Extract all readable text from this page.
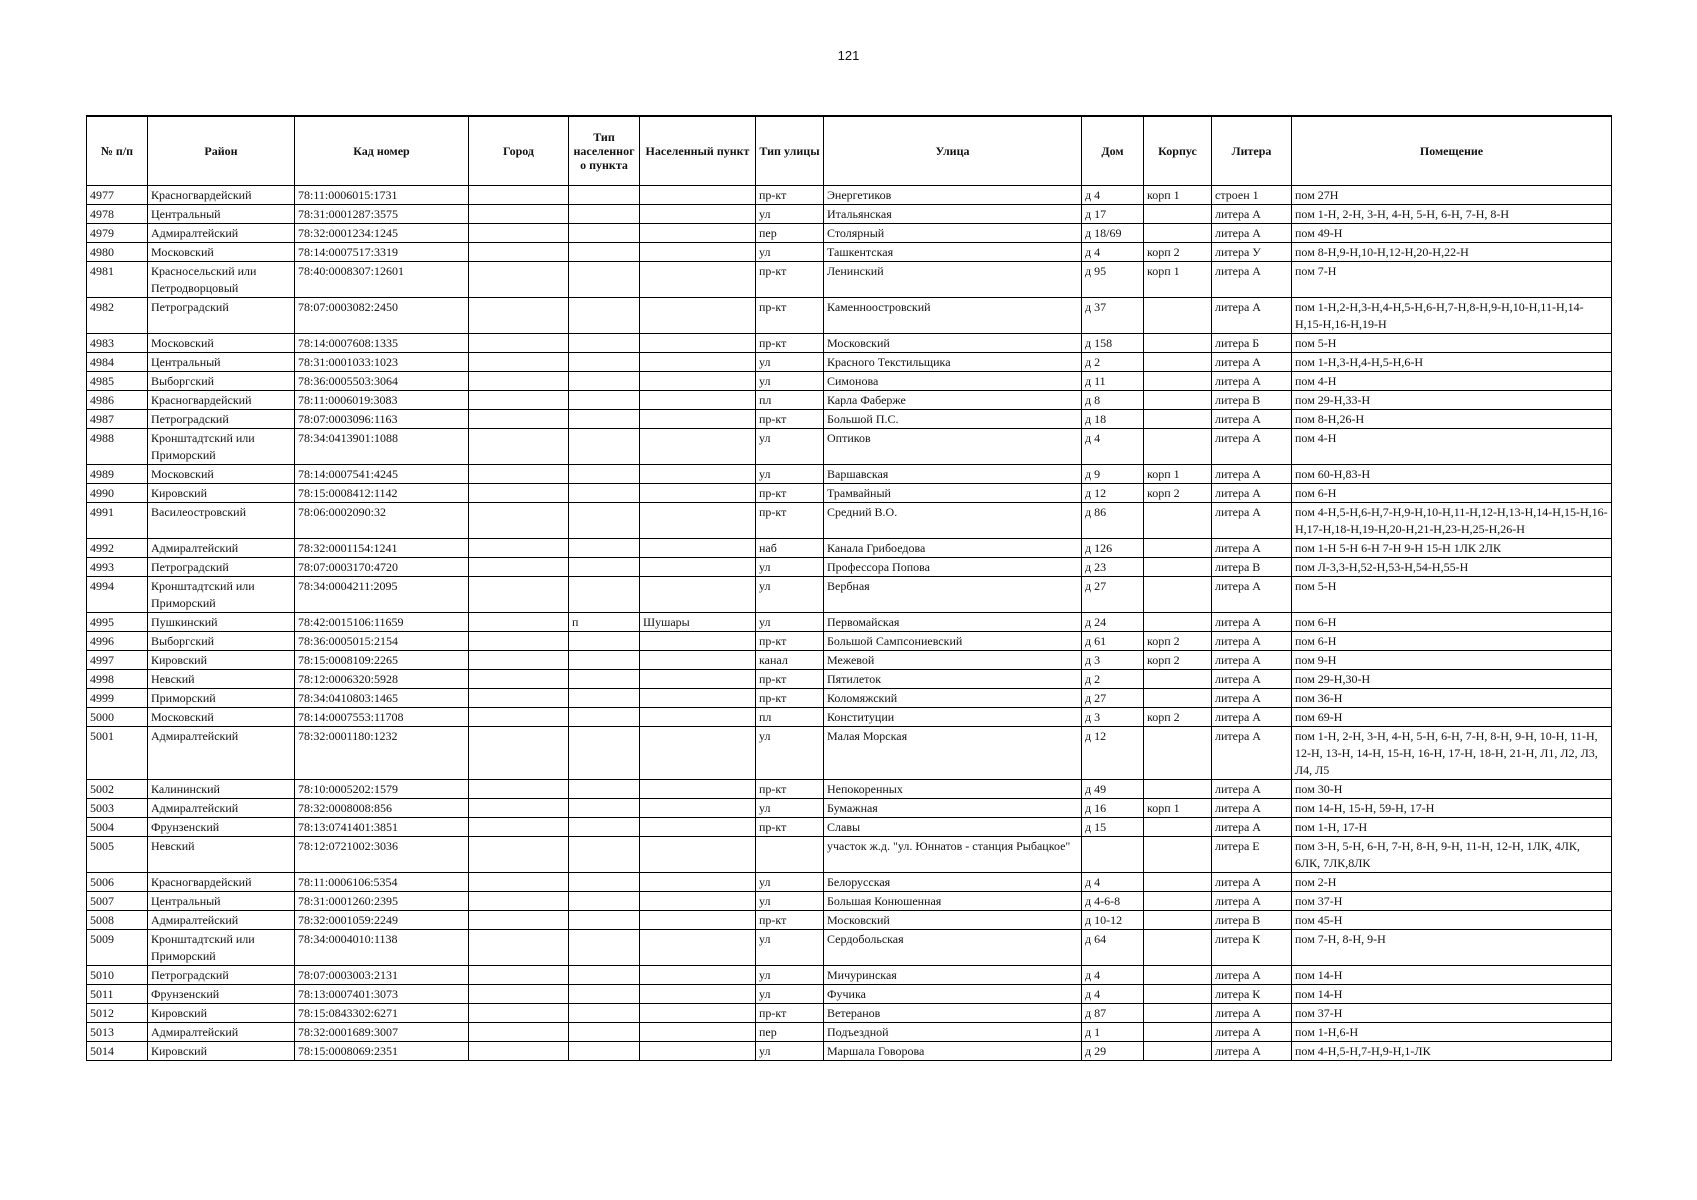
121
№ п/п	Район	Кад номер	Город	Тип населенного пункта	Населенный пункт	Тип улицы	Улица	Дом	Корпус	Литера	Помещение
4977	Красногвардейский	78:11:0006015:1731				пр-кт	Энергетиков	д 4	корп 1	строен 1	пом 27Н
4978	Центральный	78:31:0001287:3575				ул	Итальянская	д 17		литера А	пом 1-Н, 2-Н, 3-Н, 4-Н, 5-Н, 6-Н, 7-Н, 8-Н
4979	Адмиралтейский	78:32:0001234:1245				пер	Столярный	д 18/69		литера А	пом 49-Н
4980	Московский	78:14:0007517:3319				ул	Ташкентская	д 4	корп 2	литера У	пом 8-Н,9-Н,10-Н,12-Н,20-Н,22-Н
4981	Красносельский или Петродворцовый	78:40:0008307:12601				пр-кт	Ленинский	д 95	корп 1	литера А	пом 7-Н
4982	Петроградский	78:07:0003082:2450				пр-кт	Каменноостровский	д 37		литера А	пом 1-Н,2-Н,3-Н,4-Н,5-Н,6-Н,7-Н,8-Н,9-Н,10-Н,11-Н,14-Н,15-Н,16-Н,19-Н
4983	Московский	78:14:0007608:1335				пр-кт	Московский	д 158		литера Б	пом 5-Н
4984	Центральный	78:31:0001033:1023				ул	Красного Текстильщика	д 2		литера А	пом 1-Н,3-Н,4-Н,5-Н,6-Н
4985	Выборгский	78:36:0005503:3064				ул	Симонова	д 11		литера А	пом 4-Н
4986	Красногвардейский	78:11:0006019:3083				пл	Карла Фаберже	д 8		литера В	пом 29-Н,33-Н
4987	Петроградский	78:07:0003096:1163				пр-кт	Большой П.С.	д 18		литера А	пом 8-Н,26-Н
4988	Кронштадтский или Приморский	78:34:0413901:1088				ул	Оптиков	д 4		литера А	пом 4-Н
4989	Московский	78:14:0007541:4245				ул	Варшавская	д 9	корп 1	литера А	пом 60-Н,83-Н
4990	Кировский	78:15:0008412:1142				пр-кт	Трамвайный	д 12	корп 2	литера А	пом 6-Н
4991	Василеостровский	78:06:0002090:32				пр-кт	Средний В.О.	д 86		литера А	пом 4-Н,5-Н,6-Н,7-Н,9-Н,10-Н,11-Н,12-Н,13-Н,14-Н,15-Н,16-Н,17-Н,18-Н,19-Н,20-Н,21-Н,23-Н,25-Н,26-Н
4992	Адмиралтейский	78:32:0001154:1241				наб	Канала Грибоедова	д 126		литера А	пом 1-Н 5-Н 6-Н 7-Н 9-Н 15-Н 1ЛК 2ЛК
4993	Петроградский	78:07:0003170:4720				ул	Профессора Попова	д 23		литера В	пом Л-3,3-Н,52-Н,53-Н,54-Н,55-Н
4994	Кронштадтский или Приморский	78:34:0004211:2095				ул	Вербная	д 27		литера А	пом 5-Н
4995	Пушкинский	78:42:0015106:11659		п	Шушары	ул	Первомайская	д 24		литера А	пом 6-Н
4996	Выборгский	78:36:0005015:2154				пр-кт	Большой Сампсониевский	д 61	корп 2	литера А	пом 6-Н
4997	Кировский	78:15:0008109:2265				канал	Межевой	д 3	корп 2	литера А	пом 9-Н
4998	Невский	78:12:0006320:5928				пр-кт	Пятилеток	д 2		литера А	пом 29-Н,30-Н
4999	Приморский	78:34:0410803:1465				пр-кт	Коломяжский	д 27		литера А	пом 36-Н
5000	Московский	78:14:0007553:11708				пл	Конституции	д 3	корп 2	литера А	пом 69-Н
5001	Адмиралтейский	78:32:0001180:1232				ул	Малая Морская	д 12		литера А	пом 1-Н, 2-Н, 3-Н, 4-Н, 5-Н, 6-Н, 7-Н, 8-Н, 9-Н, 10-Н, 11-Н, 12-Н, 13-Н, 14-Н, 15-Н, 16-Н, 17-Н, 18-Н, 21-Н, Л1, Л2, Л3, Л4, Л5
5002	Калининский	78:10:0005202:1579				пр-кт	Непокоренных	д 49		литера А	пом 30-Н
5003	Адмиралтейский	78:32:0008008:856				ул	Бумажная	д 16	корп 1	литера А	пом 14-Н, 15-Н, 59-Н, 17-Н
5004	Фрунзенский	78:13:0741401:3851				пр-кт	Славы	д 15		литера А	пом 1-Н, 17-Н
5005	Невский	78:12:0721002:3036					участок ж.д. "ул. Юннатов - станция Рыбацкое"			литера Е	пом 3-Н, 5-Н, 6-Н, 7-Н, 8-Н, 9-Н, 11-Н, 12-Н, 1ЛК, 4ЛК, 6ЛК, 7ЛК,8ЛК
5006	Красногвардейский	78:11:0006106:5354				ул	Белорусская	д 4		литера А	пом 2-Н
5007	Центральный	78:31:0001260:2395				ул	Большая Конюшенная	д 4-6-8		литера А	пом 37-Н
5008	Адмиралтейский	78:32:0001059:2249				пр-кт	Московский	д 10-12		литера В	пом 45-Н
5009	Кронштадтский или Приморский	78:34:0004010:1138				ул	Сердобольская	д 64		литера К	пом 7-Н, 8-Н, 9-Н
5010	Петроградский	78:07:0003003:2131				ул	Мичуринская	д 4		литера А	пом 14-Н
5011	Фрунзенский	78:13:0007401:3073				ул	Фучика	д 4		литера К	пом 14-Н
5012	Кировский	78:15:0843302:6271				пр-кт	Ветеранов	д 87		литера А	пом 37-Н
5013	Адмиралтейский	78:32:0001689:3007				пер	Подъездной	д 1		литера А	пом 1-Н,6-Н
5014	Кировский	78:15:0008069:2351				ул	Маршала Говорова	д 29		литера А	пом 4-Н,5-Н,7-Н,9-Н,1-ЛК
